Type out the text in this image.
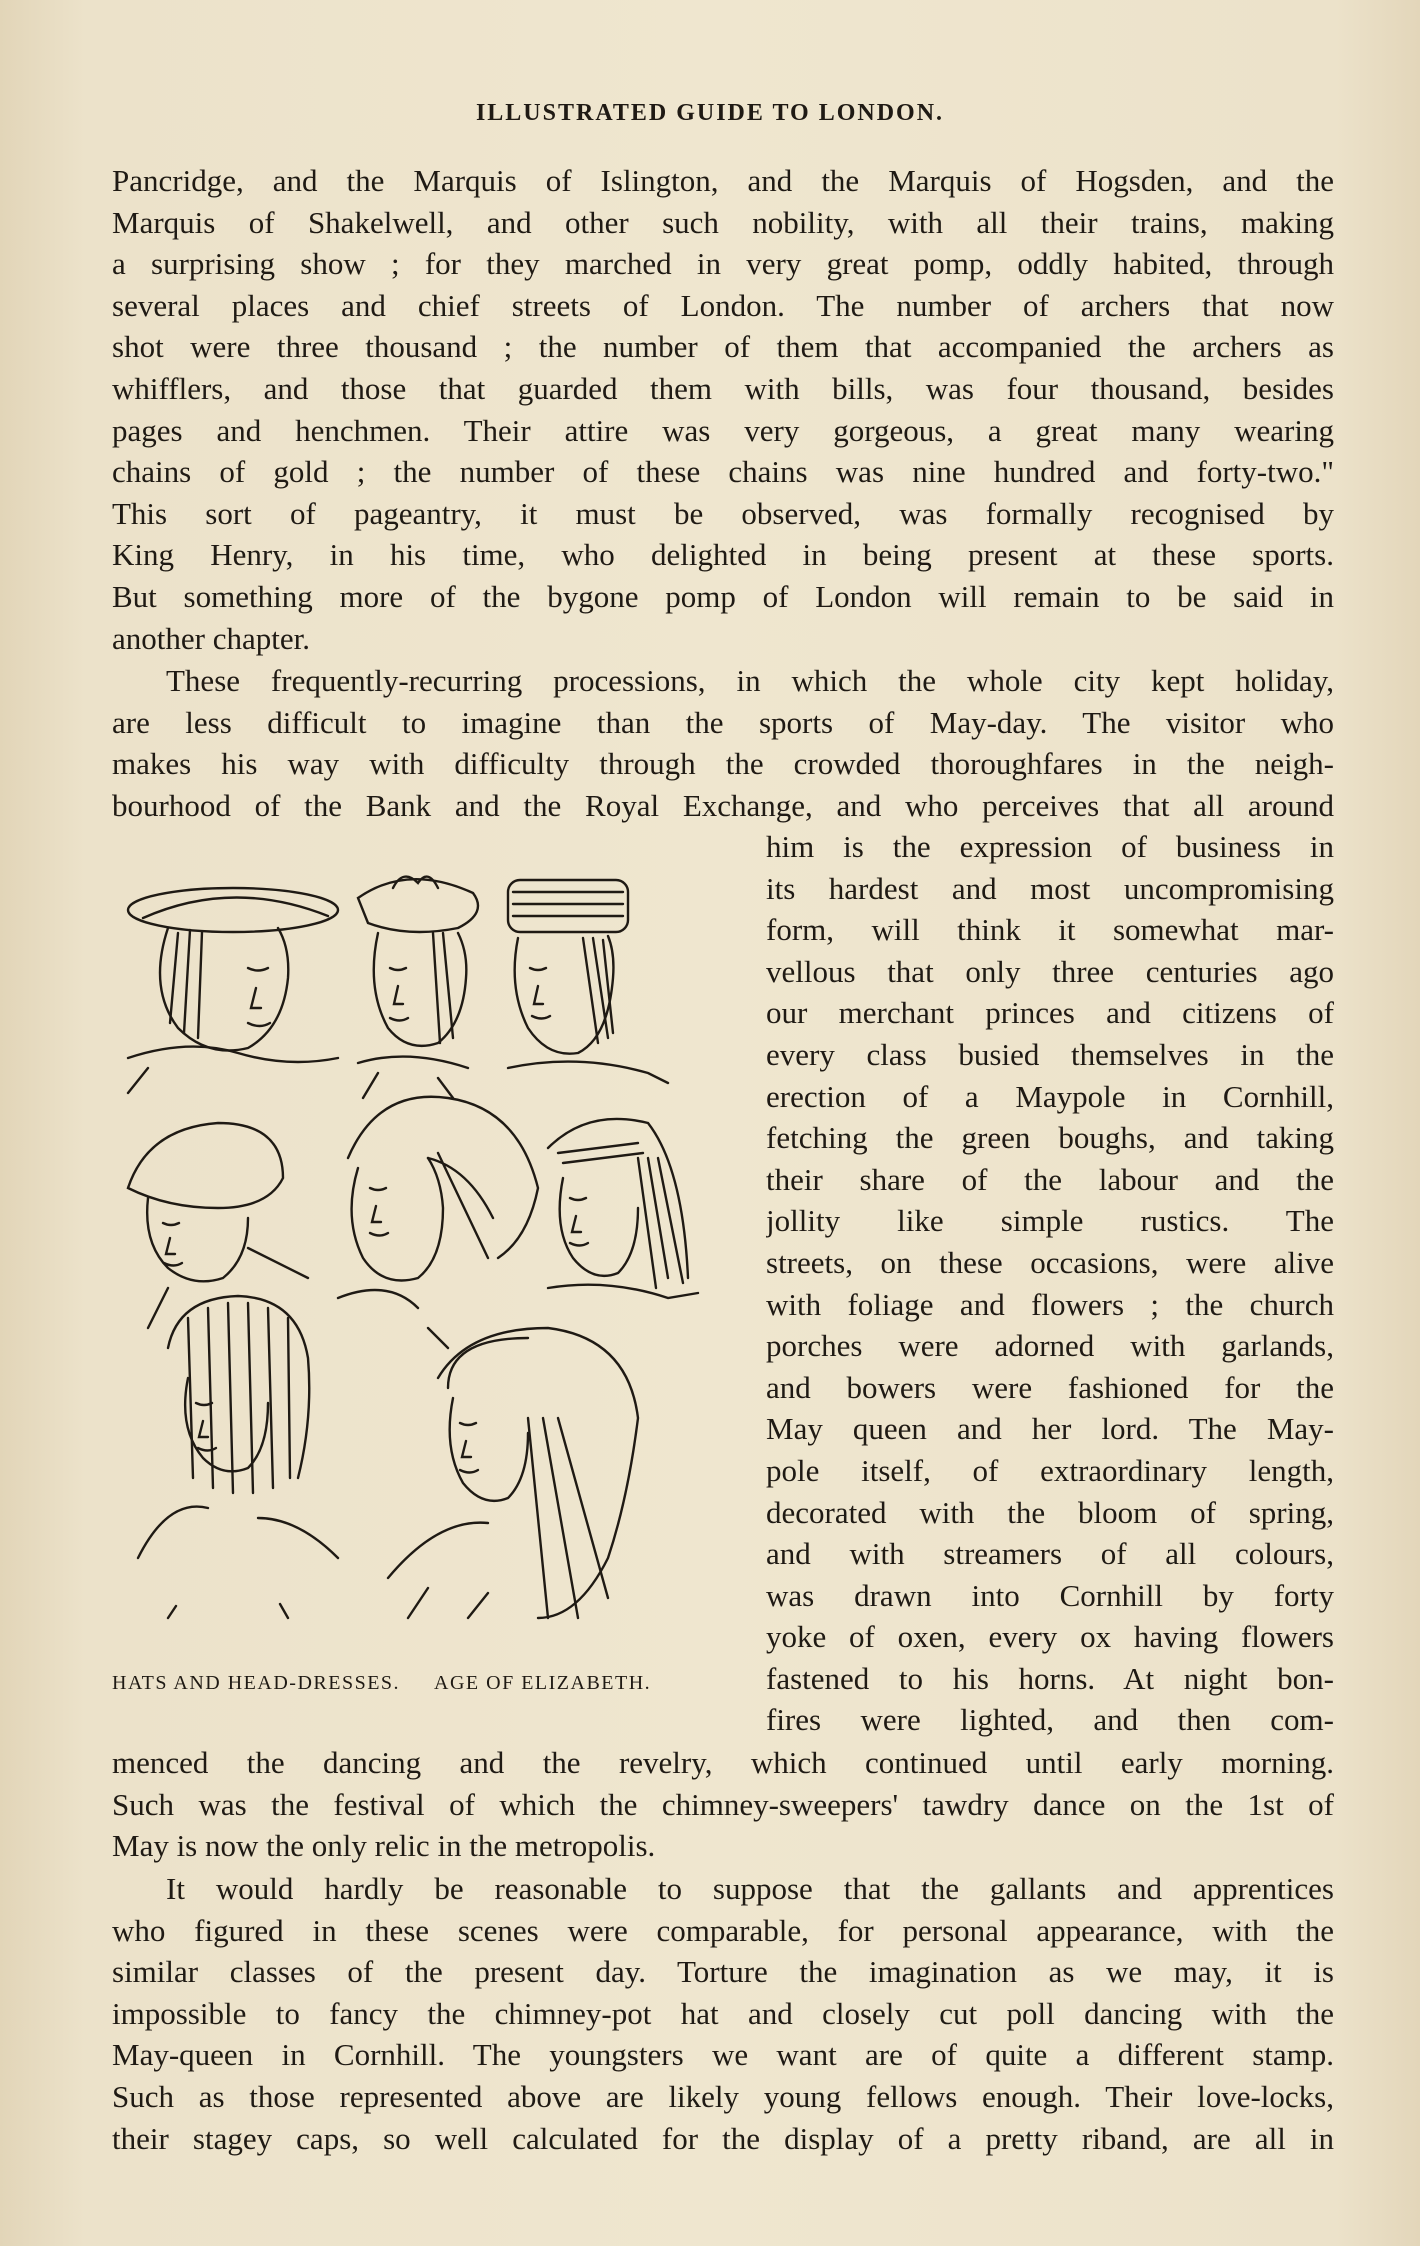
ILLUSTRATED GUIDE TO LONDON.
Pancridge, and the Marquis of Islington, and the Marquis of Hogsden, and the
Marquis of Shakelwell, and other such nobility, with all their trains, making
a surprising show ; for they marched in very great pomp, oddly habited, through
several places and chief streets of London. The number of archers that now
shot were three thousand ; the number of them that accompanied the archers as
whifflers, and those that guarded them with bills, was four thousand, besides
pages and henchmen. Their attire was very gorgeous, a great many wearing
chains of gold ; the number of these chains was nine hundred and forty-two."
This sort of pageantry, it must be observed, was formally recognised by
King Henry, in his time, who delighted in being present at these sports.
But something more of the bygone pomp of London will remain to be said in
another chapter.
These frequently-recurring processions, in which the whole city kept holiday,
are less difficult to imagine than the sports of May-day. The visitor who
makes his way with difficulty through the crowded thoroughfares in the neigh-
bourhood of the Bank and the Royal Exchange, and who perceives that all around
him is the expression of business in
its hardest and most uncompromising
form, will think it somewhat mar-
vellous that only three centuries ago
our merchant princes and citizens of
every class busied themselves in the
erection of a Maypole in Cornhill,
fetching the green boughs, and taking
their share of the labour and the
jollity like simple rustics. The
streets, on these occasions, were alive
with foliage and flowers ; the church
porches were adorned with garlands,
and bowers were fashioned for the
May queen and her lord. The May-
pole itself, of extraordinary length,
decorated with the bloom of spring,
and with streamers of all colours,
was drawn into Cornhill by forty
yoke of oxen, every ox having flowers
fastened to his horns. At night bon-
fires were lighted, and then com-
menced the dancing and the revelry, which continued until early morning.
Such was the festival of which the chimney-sweepers' tawdry dance on the 1st of
May is now the only relic in the metropolis.
It would hardly be reasonable to suppose that the gallants and apprentices
who figured in these scenes were comparable, for personal appearance, with the
similar classes of the present day. Torture the imagination as we may, it is
impossible to fancy the chimney-pot hat and closely cut poll dancing with the
May-queen in Cornhill. The youngsters we want are of quite a different stamp.
Such as those represented above are likely young fellows enough. Their love-locks,
their stagey caps, so well calculated for the display of a pretty riband, are all in
HATS AND HEAD-DRESSES. AGE OF ELIZABETH.
